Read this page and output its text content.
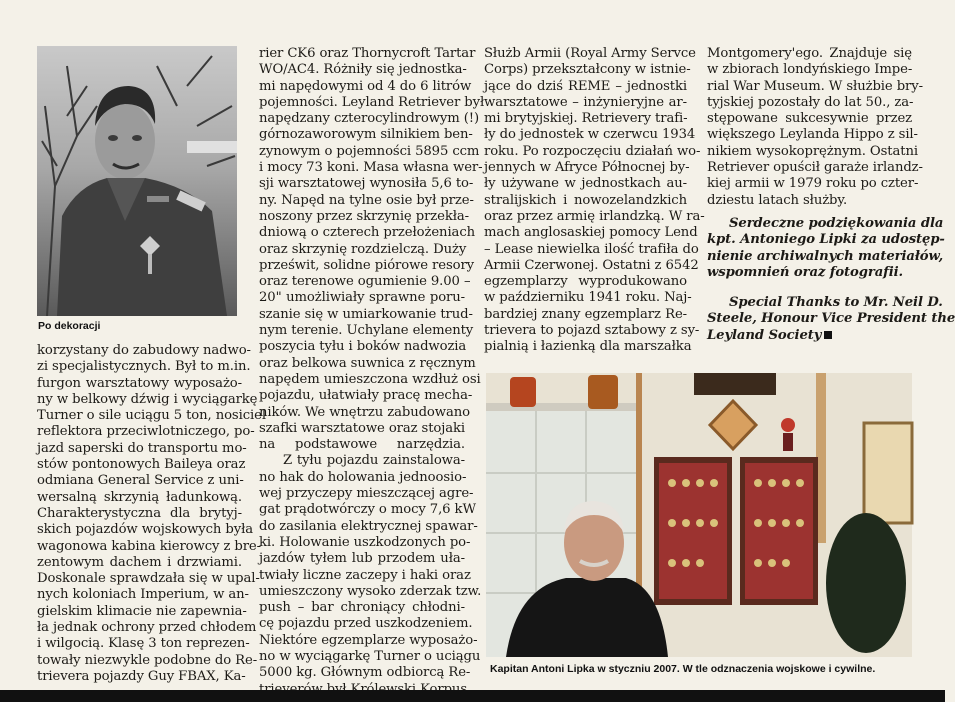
Po dekoracji
korzystany do zabudowy nadwo-
zi specjalistycznych. Był to m.in.
furgon warsztatowy wyposażo-
ny w belkowy dźwig i wyciągarkę
Turner o sile uciągu 5 ton, nosiciel
reflektora przeciwlotniczego, po-
jazd saperski do transportu mo-
stów pontonowych Baileya oraz
odmiana General Service z uni-
wersalną skrzynią ładunkową.
Charakterystyczna dla brytyj-
skich pojazdów wojskowych była
wagonowa kabina kierowcy z bre-
zentowym dachem i drzwiami.
Doskonale sprawdzała się w upal-
nych koloniach Imperium, w an-
gielskim klimacie nie zapewnia-
ła jednak ochrony przed chłodem
i wilgocią. Klasę 3 ton reprezen-
towały niezwykle podobne do Re-
trievera pojazdy Guy FBAX, Ka-
rier CK6 oraz Thornycroft Tartar
WO/AC4. Różniły się jednostka-
mi napędowymi od 4 do 6 litrów
pojemności. Leyland Retriever był
napędzany czterocylindrowym (!)
górnozaworowym silnikiem ben-
zynowym o pojemności 5895 ccm
i mocy 73 koni. Masa własna wer-
sji warsztatowej wynosiła 5,6 to-
ny. Napęd na tylne osie był prze-
noszony przez skrzynię przekła-
dniową o czterech przełożeniach
oraz skrzynię rozdzielczą. Duży
prześwit, solidne piórowe resory
oraz terenowe ogumienie 9.00 –
20" umożliwiały sprawne poru-
szanie się w umiarkowanie trud-
nym terenie. Uchylane elementy
poszycia tyłu i boków nadwozia
oraz belkowa suwnica z ręcznym
napędem umieszczona wzdłuż osi
pojazdu, ułatwiały pracę mecha-
ników. We wnętrzu zabudowano
szafki warsztatowe oraz stojaki
na podstawowe narzędzia.
Z tyłu pojazdu zainstalowa-
no hak do holowania jednoosio-
wej przyczepy mieszczącej agre-
gat prądotwórczy o mocy 7,6 kW
do zasilania elektrycznej spawar-
ki. Holowanie uszkodzonych po-
jazdów tyłem lub przodem uła-
twiały liczne zaczepy i haki oraz
umieszczony wysoko zderzak tzw.
push – bar chroniący chłodni-
cę pojazdu przed uszkodzeniem.
Niektóre egzemplarze wyposażo-
no w wyciągarkę Turner o uciągu
5000 kg. Głównym odbiorcą Re-
Służb Armii (Royal Army Servce
Corps) przekształcony w istnie-
jące do dziś REME – jednostki
warsztatowe – inżynieryjne ar-
mi brytyjskiej. Retrievery trafi-
ły do jednostek w czerwcu 1934
roku. Po rozpoczęciu działań wo-
jennych w Afryce Północnej by-
ły używane w jednostkach au-
stralijskich i nowozelandzkich
oraz przez armię irlandzką. W ra-
mach anglosaskiej pomocy Lend
– Lease niewielka ilość trafiła do
Armii Czerwonej. Ostatni z 6542
egzemplarzy wyprodukowano
w październiku 1941 roku. Naj-
bardziej znany egzemplarz Re-
trievera to pojazd sztabowy z sy-
pialnią i łazienką dla marszałka
Montgomery'ego. Znajduje się
w zbiorach londyńskiego Impe-
rial War Museum. W służbie bry-
tyjskiej pozostały do lat 50., za-
stępowane sukcesywnie przez
większego Leylanda Hippo z sil-
nikiem wysokoprężnym. Ostatni
Retriever opuścił garaże irlandz-
kiej armii w 1979 roku po czter-
dziestu latach służby.
Serdeczne podziękowania dla
kpt. Antoniego Lipki za udostęp-
nienie archiwalnych materiałów,
wspomnień oraz fotografii.
Special Thanks to Mr. Neil D.
Steele, Honour Vice President the
Leyland Society
Kapitan Antoni Lipka w styczniu 2007. W tle odznaczenia wojskowe i cywilne.
